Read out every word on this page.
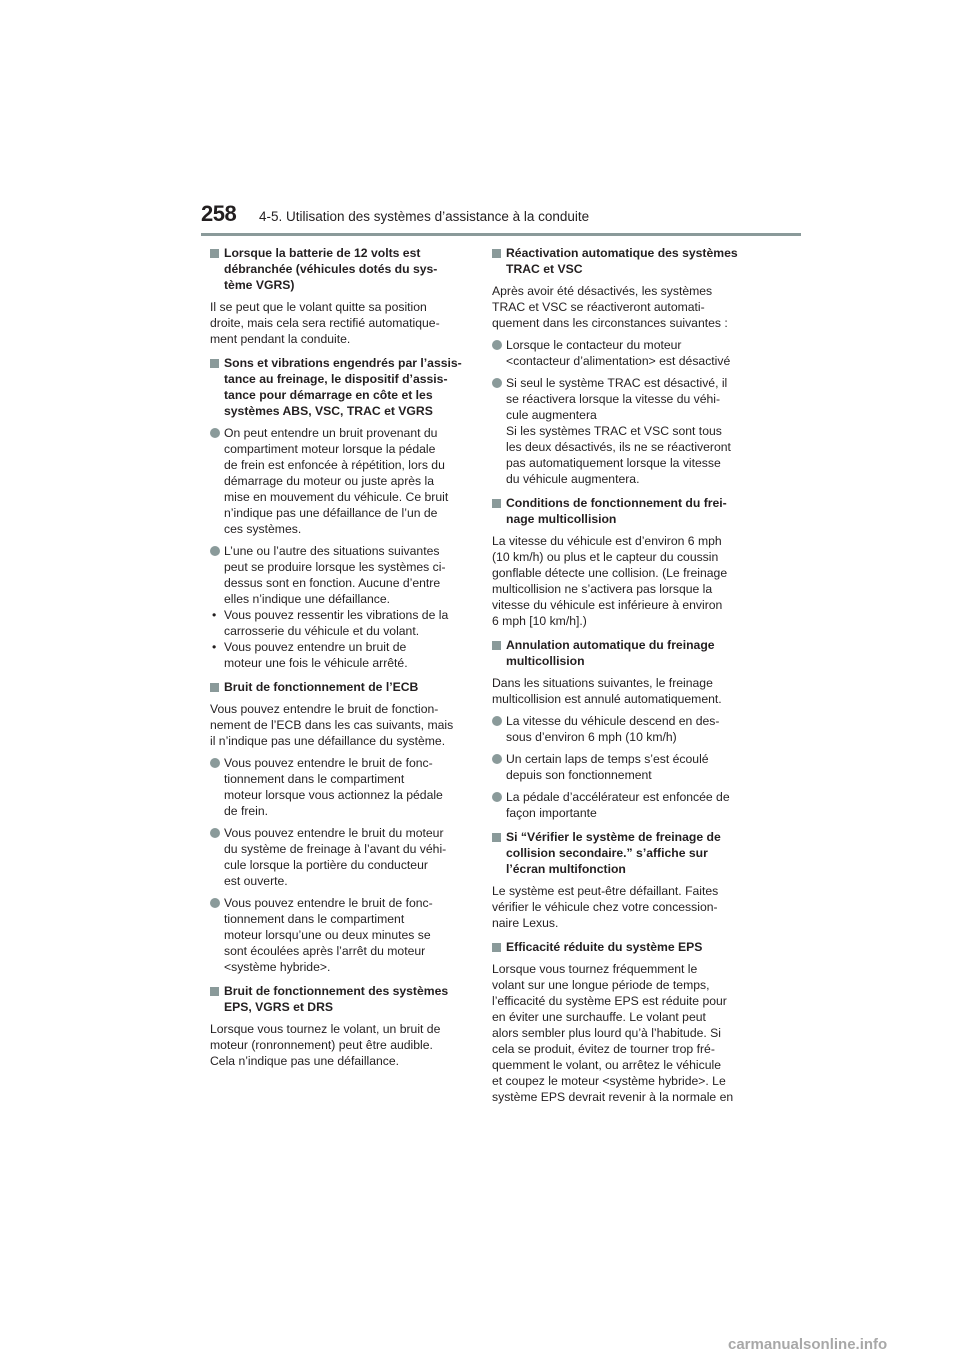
258 4-5. Utilisation des systèmes d’assistance à la conduite
Lorsque la batterie de 12 volts est
débranchée (véhicules dotés du sys-
tème VGRS)
Il se peut que le volant quitte sa position
droite, mais cela sera rectifié automatique-
ment pendant la conduite.
Sons et vibrations engendrés par l’assis-
tance au freinage, le dispositif d’assis-
tance pour démarrage en côte et les
systèmes ABS, VSC, TRAC et VGRS
On peut entendre un bruit provenant du
compartiment moteur lorsque la pédale
de frein est enfoncée à répétition, lors du
démarrage du moteur ou juste après la
mise en mouvement du véhicule. Ce bruit
n’indique pas une défaillance de l’un de
ces systèmes.
L’une ou l’autre des situations suivantes
peut se produire lorsque les systèmes ci-
dessus sont en fonction. Aucune d’entre
elles n’indique une défaillance.
• Vous pouvez ressentir les vibrations de la
carrosserie du véhicule et du volant.
• Vous pouvez entendre un bruit de
moteur une fois le véhicule arrêté.
Bruit de fonctionnement de l’ECB
Vous pouvez entendre le bruit de fonction-
nement de l’ECB dans les cas suivants, mais
il n’indique pas une défaillance du système.
Vous pouvez entendre le bruit de fonc-
tionnement dans le compartiment
moteur lorsque vous actionnez la pédale
de frein.
Vous pouvez entendre le bruit du moteur
du système de freinage à l’avant du véhi-
cule lorsque la portière du conducteur
est ouverte.
Vous pouvez entendre le bruit de fonc-
tionnement dans le compartiment
moteur lorsqu’une ou deux minutes se
sont écoulées après l’arrêt du moteur
<système hybride>.
Bruit de fonctionnement des systèmes
EPS, VGRS et DRS
Lorsque vous tournez le volant, un bruit de
moteur (ronronnement) peut être audible.
Cela n’indique pas une défaillance.
Réactivation automatique des systèmes
TRAC et VSC
Après avoir été désactivés, les systèmes
TRAC et VSC se réactiveront automati-
quement dans les circonstances suivantes :
Lorsque le contacteur du moteur
<contacteur d’alimentation> est désactivé
Si seul le système TRAC est désactivé, il
se réactivera lorsque la vitesse du véhi-
cule augmentera
Si les systèmes TRAC et VSC sont tous
les deux désactivés, ils ne se réactiveront
pas automatiquement lorsque la vitesse
du véhicule augmentera.
Conditions de fonctionnement du frei-
nage multicollision
La vitesse du véhicule est d’environ 6 mph
(10 km/h) ou plus et le capteur du coussin
gonflable détecte une collision. (Le freinage
multicollision ne s’activera pas lorsque la
vitesse du véhicule est inférieure à environ
6 mph [10 km/h].)
Annulation automatique du freinage
multicollision
Dans les situations suivantes, le freinage
multicollision est annulé automatiquement.
La vitesse du véhicule descend en des-
sous d’environ 6 mph (10 km/h)
Un certain laps de temps s’est écoulé
depuis son fonctionnement
La pédale d’accélérateur est enfoncée de
façon importante
Si “Vérifier le système de freinage de
collision secondaire.” s’affiche sur
l’écran multifonction
Le système est peut-être défaillant. Faites
vérifier le véhicule chez votre concession-
naire Lexus.
Efficacité réduite du système EPS
Lorsque vous tournez fréquemment le
volant sur une longue période de temps,
l’efficacité du système EPS est réduite pour
en éviter une surchauffe. Le volant peut
alors sembler plus lourd qu’à l’habitude. Si
cela se produit, évitez de tourner trop fré-
quemment le volant, ou arrêtez le véhicule
et coupez le moteur <système hybride>. Le
système EPS devrait revenir à la normale en
carmanualsonline.info
